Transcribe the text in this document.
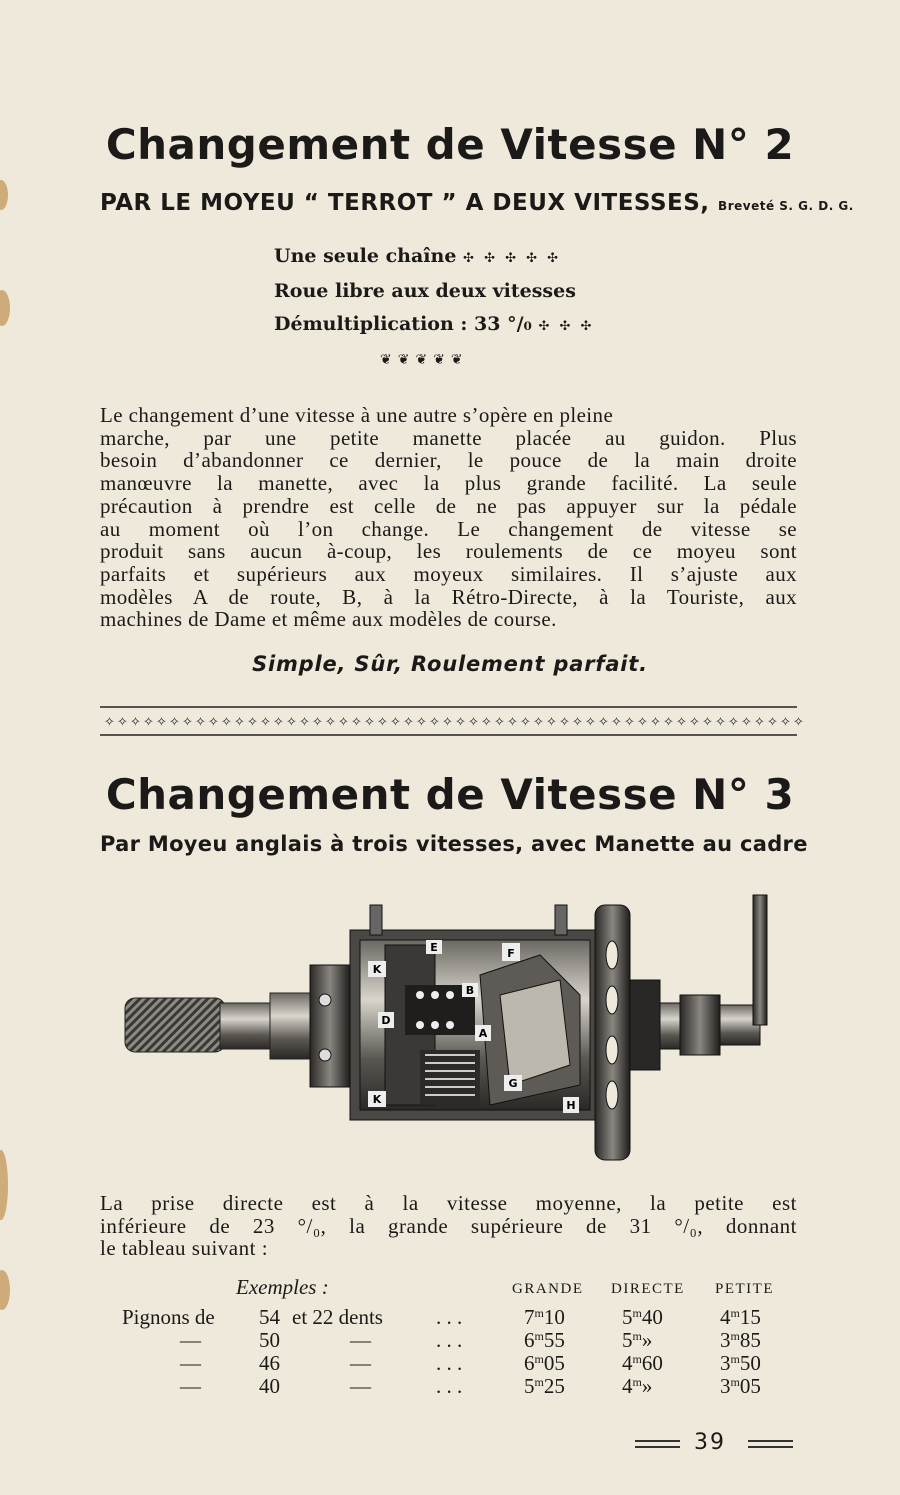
Changement de Vitesse N° 2
PAR LE MOYEU “ TERROT ” A DEUX VITESSES, Breveté S. G. D. G.
Une seule chaîne ✣ ✣ ✣ ✣ ✣
Roue libre aux deux vitesses
Démultiplication : 33 °/₀ ✣ ✣ ✣
❦❦❦❦❦
Le changement d’une vitesse à une autre s’opère en pleine
marche, par une petite manette placée au guidon. Plus
besoin d’abandonner ce dernier, le pouce de la main droite
manœuvre la manette, avec la plus grande facilité. La seule
précaution à prendre est celle de ne pas appuyer sur la pédale
au moment où l’on change. Le changement de vitesse se
produit sans aucun à-coup, les roulements de ce moyeu sont
parfaits et supérieurs aux moyeux similaires. Il s’ajuste aux
modèles A de route, B, à la Rétro-Directe, à la Touriste, aux
machines de Dame et même aux modèles de course.
Simple, Sûr, Roulement parfait.
✧ ✧ ✧ ✧ ✧ ✧ ✧ ✧ ✧ ✧ ✧ ✧ ✧ ✧ ✧ ✧ ✧ ✧ ✧ ✧ ✧ ✧ ✧ ✧ ✧ ✧ ✧ ✧ ✧ ✧ ✧ ✧ ✧ ✧ ✧ ✧ ✧ ✧ ✧ ✧ ✧ ✧ ✧ ✧ ✧ ✧ ✧ ✧ ✧ ✧ ✧ ✧ ✧ ✧
Changement de Vitesse N° 3
Par Moyeu anglais à trois vitesses, avec Manette au cadre
K
E	F
D
A
B
G
K	H
La prise directe est à la vitesse moyenne, la petite est
inférieure de 23 °/₀, la grande supérieure de 31 °/₀, donnant
le tableau suivant :
Exemples :	GRANDE DIRECTE PETITE
Pignons de 54 et 22 dents	. . .	7$^m$10	5$^m$40	4$^m$15
—	50	—	. . .	6$^m$55	5$^m$»	3$^m$85
—	46	—	. . .	6$^m$05	4$^m$60	3$^m$50
—	40	—	. . .	5$^m$25	4$^m$»	3$^m$05
39
